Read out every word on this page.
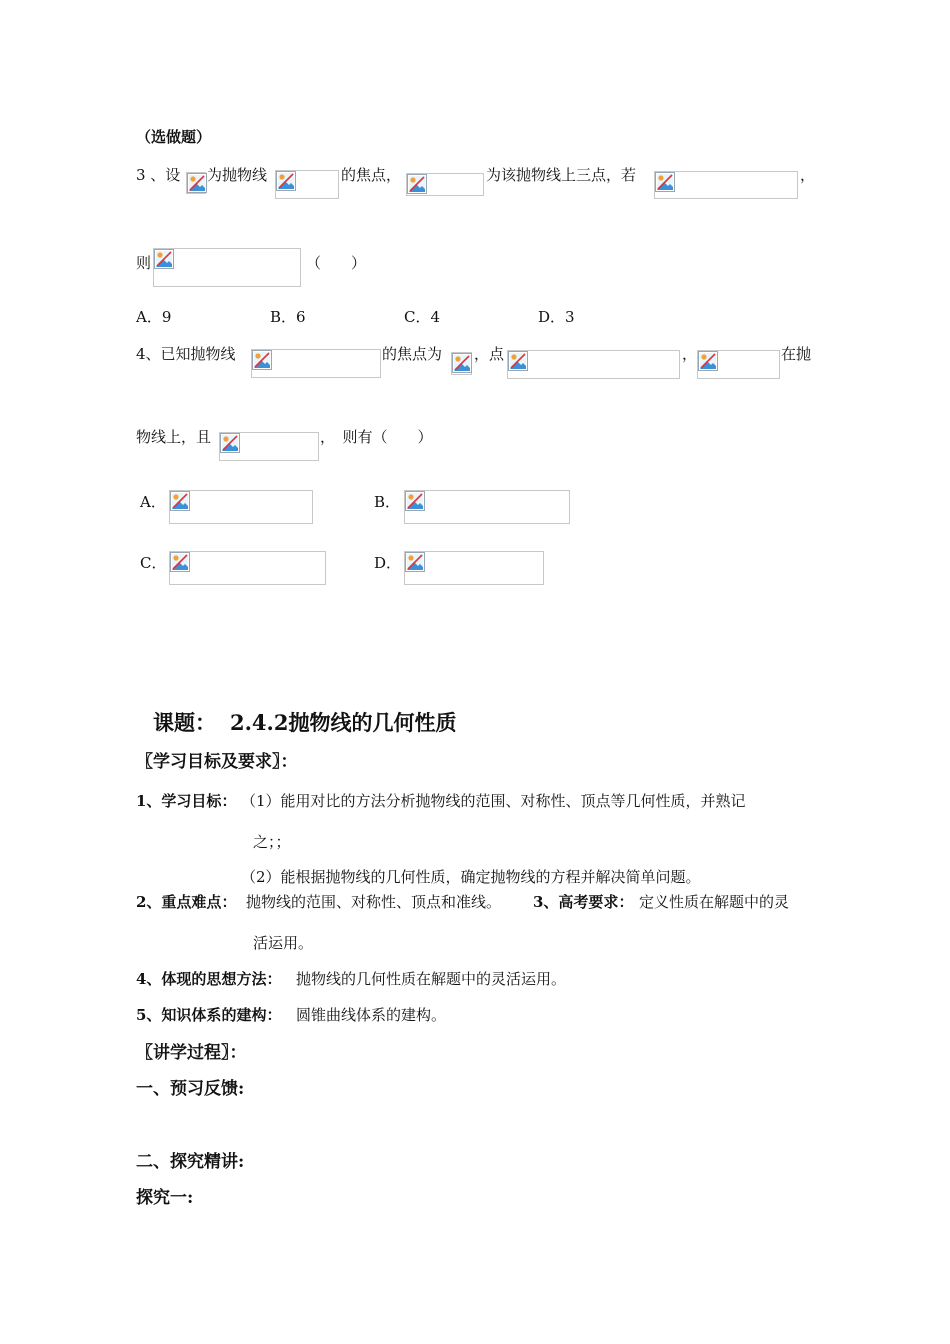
（选做题）
3 、设 为抛物线	的焦点，	为该抛物线上三点，若	，
则	（　　）
A．9	B．6	C．4	D．3
4、已知抛物线	的焦点为 ，点	，	在抛
物线上，且	，　则有（　　）
A．	B．
C．	D．
课题： 2.4.2抛物线的几何性质
〖学习目标及要求〗：
1、学习目标： （1）能用对比的方法分析抛物线的范围、对称性、顶点等几何性质，并熟记
之；；
（2）能根据抛物线的几何性质，确定抛物线的方程并解决简单问题。
2、重点难点： 抛物线的范围、对称性、顶点和准线。 3、高考要求： 定义性质在解题中的灵
活运用。
4、体现的思想方法： 抛物线的几何性质在解题中的灵活运用。
5、知识体系的建构： 圆锥曲线体系的建构。
〖讲学过程〗：
一、预习反馈:
二、探究精讲:
探究一:
